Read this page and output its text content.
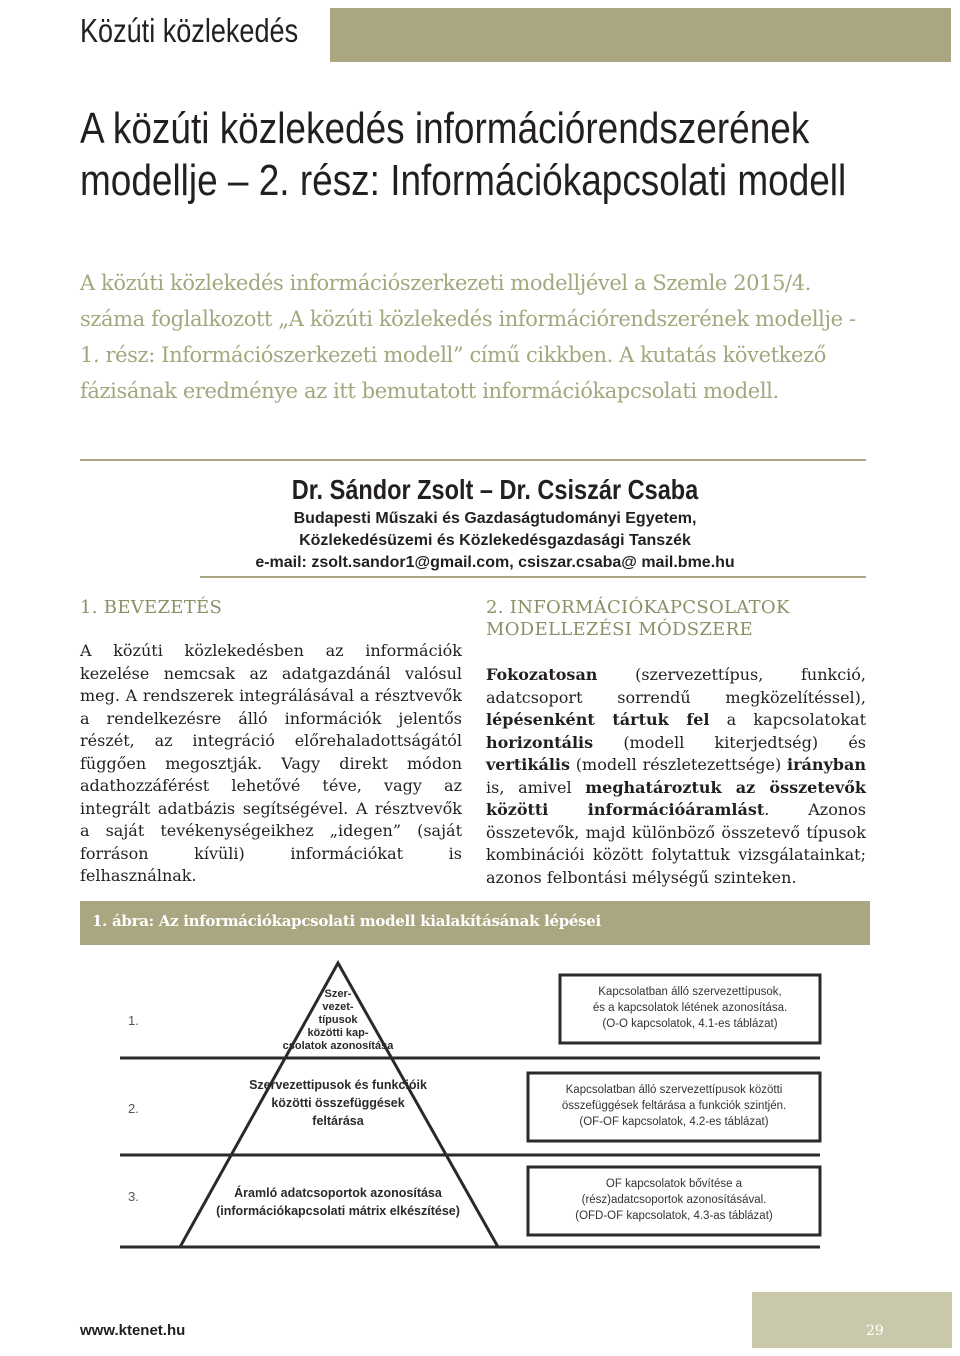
Közúti közlekedés
A közúti közlekedés információrendszerének modellje – 2. rész: Információkapcsolati modell
A közúti közlekedés információszerkezeti modelljével a Szemle 2015/4. száma foglalkozott „A közúti közlekedés információrendszerének modellje - 1. rész: Információszerkezeti modell” című cikkben. A kutatás következő fázisának eredménye az itt bemutatott információkapcsolati modell.
Dr. Sándor Zsolt – Dr. Csiszár Csaba
Budapesti Műszaki és Gazdaságtudományi Egyetem,
Közlekedésüzemi és Közlekedésgazdasági Tanszék
e-mail: zsolt.sandor1@gmail.com, csiszar.csaba@ mail.bme.hu
1. BEVEZETÉS
A közúti közlekedésben az információk kezelése nemcsak az adatgazdánál valósul meg. A rendszerek integrálásával a résztvevők a rendelkezésre álló információk jelentős részét, az integráció előrehaladottságától függően megosztják. Vagy direkt módon adathozzáférést lehetővé téve, vagy az integrált adatbázis segítségével. A résztvevők a saját tevékenységeikhez „idegen” (saját forráson kívüli) információkat is felhasználnak.
2. INFORMÁCIÓKAPCSOLATOK MODELLEZÉSI MÓDSZERE
Fokozatosan (szervezettípus, funkció, adatcsoport sorrendű megközelítéssel), lépésenként tártuk fel a kapcsolatokat horizontális (modell kiterjedtség) és vertikális (modell részletezettsége) irányban is, amivel meghatároztuk az összetevők közötti információáramlást. Azonos összetevők, majd különböző összetevő típusok kombinációi között folytattuk vizsgálatainkat; azonos felbontási mélységű szinteken.
1. ábra: Az információkapcsolati modell kialakításának lépései
1.
Szer-
vezet-
típusok
közötti kap-
csolatok azonosítása
Kapcsolatban álló szervezettípusok,
és a kapcsolatok létének azonosítása.
(O-O kapcsolatok, 4.1-es táblázat)
2.
Szervezettipusok és funkcióik
közötti összefüggések
feltárása
Kapcsolatban álló szervezettípusok közötti
összefüggések feltárása a funkciók szintjén.
(OF-OF kapcsolatok, 4.2-es táblázat)
3.	Áramló adatcsoportok azonosítása
(információkapcsolati mátrix elkészítése)
OF kapcsolatok bővítése a
(rész)adatcsoportok azonosításával.
(OFD-OF kapcsolatok, 4.3-as táblázat)
www.ktenet.hu	29
